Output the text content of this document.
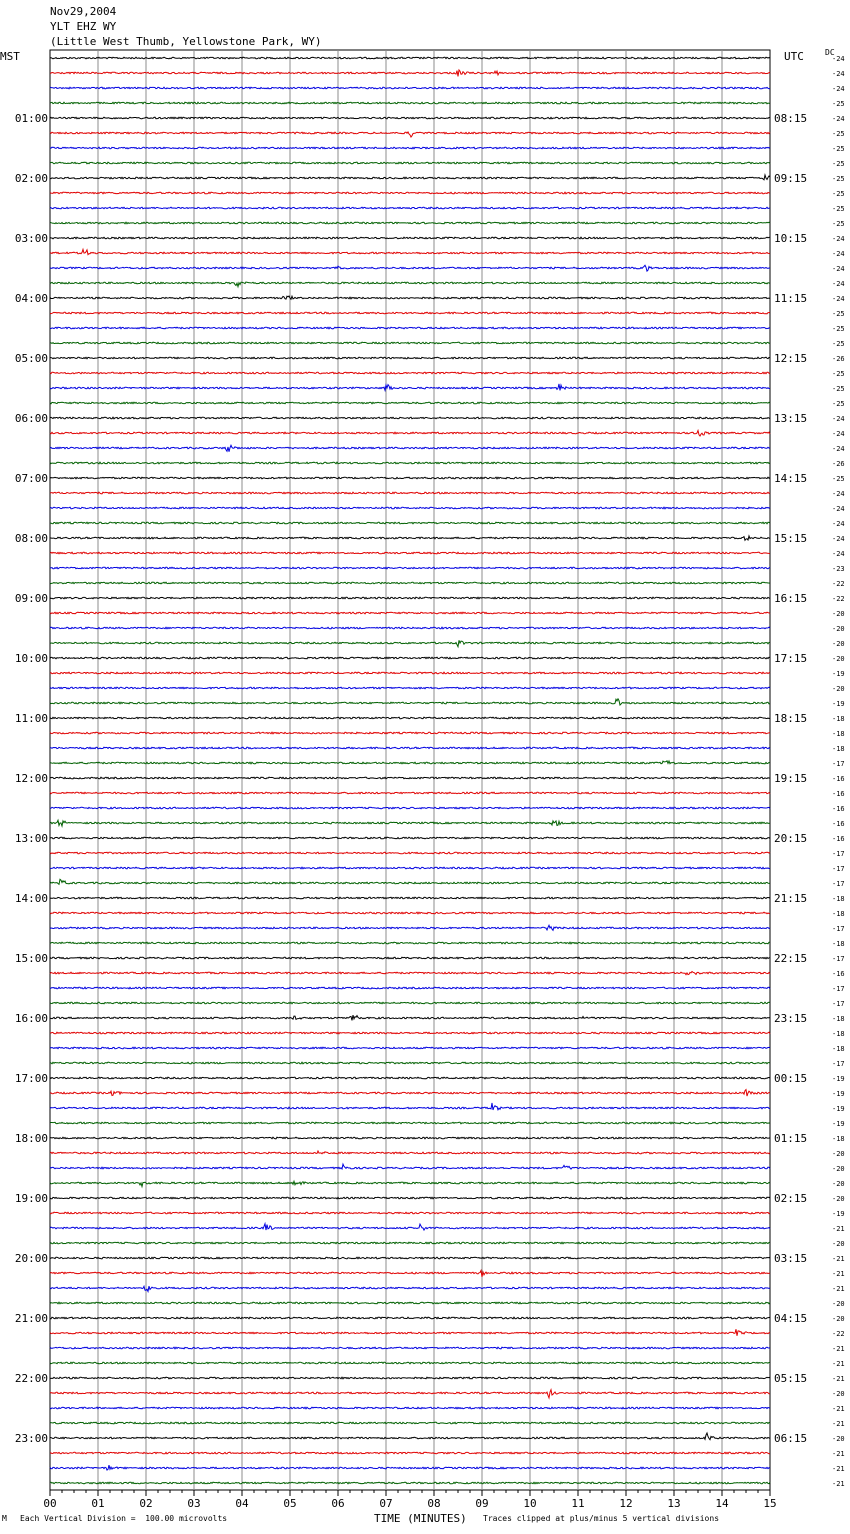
Nov29,2004
YLT EHZ WY
(Little West Thumb, Yellowstone Park, WY)
MST	UTC	DC
-24
-24
-24
-25
-24
-25
-25
-25
-25
-25
-25
-25
-24
-24
-24
-24
-24
-25
-25
-25
-26
-25
-25
-25
-24
-24
-24
-26
-25
-24
-24
-24
-24
-24
-23
-22
-22
-20
-20
-20
-20
-19
-20
-19
-18
-18
-18
-17
-16
-16
-16
-16
-16
-17
-17
-17
-18
-18
-17
-18
-17
-16
-17
-17
-18
-18
-18
-17
-19
-19
-19
-19
-18
-20
-20
-20
-20
-19
-21
-20
-21
-21
-21
-20
-20
-22
-21
-21
-21
-20
-21
-21
-20
-21
-21
-21
01:00
02:00
03:00
04:00
05:00
06:00
07:00
08:00
09:00
10:00
11:00
12:00
13:00
14:00
15:00
16:00
17:00
18:00
19:00
20:00
21:00
22:00
23:00
08:15
09:15
10:15
11:15
12:15
13:15
14:15
15:15
16:15
17:15
18:15
19:15
20:15
21:15
22:15
23:15
00:15
01:15
02:15
03:15
04:15
05:15
06:15
00	01	02	03	04	05	06	07	08	09	10	11	12	13	14	15
M Each Vertical Division =  100.00 microvolts	TIME (MINUTES) Traces clipped at plus/minus 5 vertical divisions
